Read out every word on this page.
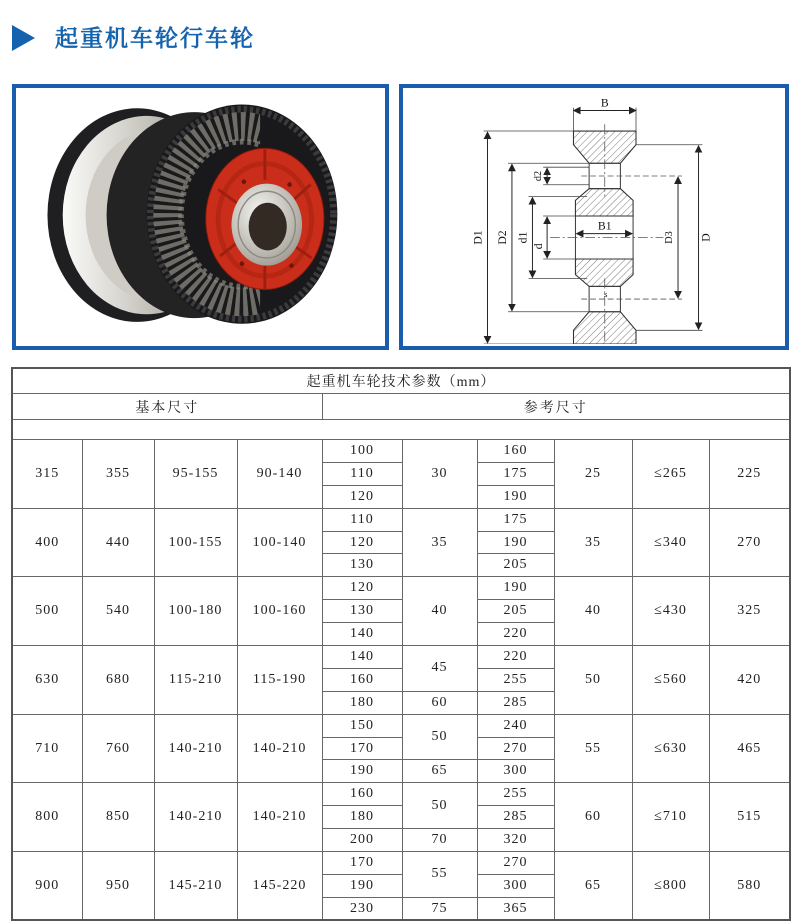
起重机车轮行车轮
B
D1 D2 d1
d
d2
B1
D3 D
s
起重机车轮技术参数（mm）									
基本尺寸				参考尺寸					

315	355	95-155	90-140	100	30	160	25	≤265	225
				110		175			
				120		190			
400	440	100-155	100-140	110	35	175	35	≤340	270
				120		190			
				130		205			
500	540	100-180	100-160	120	40	190	40	≤430	325
				130		205			
				140		220			
630	680	115-210	115-190	140	45	220	50	≤560	420
				160		255			
				180	60	285			
710	760	140-210	140-210	150	50	240	55	≤630	465
				170		270			
				190	65	300			
800	850	140-210	140-210	160	50	255	60	≤710	515
				180		285			
				200	70	320			
900	950	145-210	145-220	170	55	270	65	≤800	580
				190		300			
				230	75	365			
